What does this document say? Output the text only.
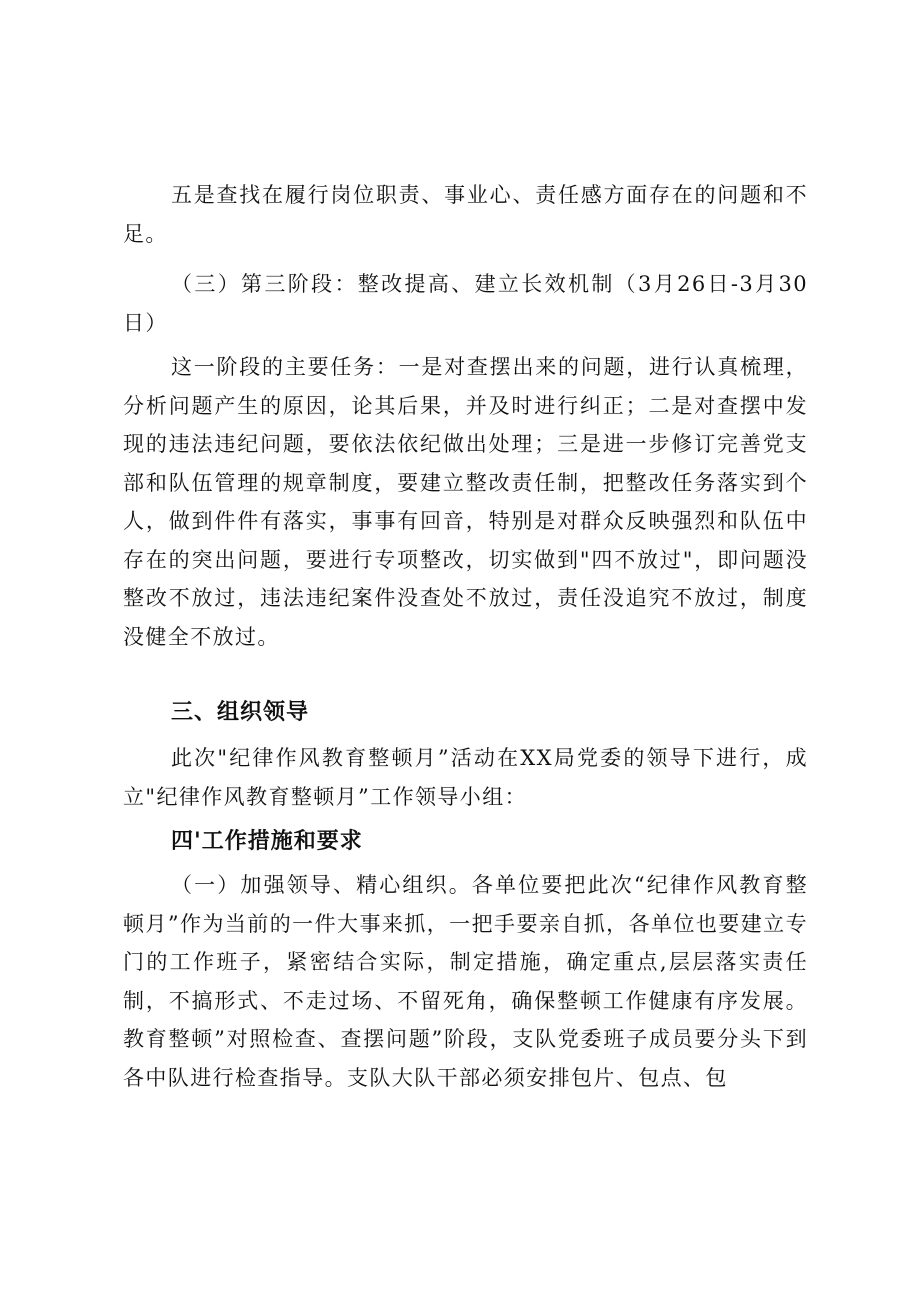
五是查找在履行岗位职责、事业心、责任感方面存在的问题和不足。

（三）第三阶段：整改提高、建立长效机制（3月26日-3月30日）

这一阶段的主要任务：一是对查摆出来的问题，进行认真梳理，分析问题产生的原因，论其后果，并及时进行纠正；二是对查摆中发现的违法违纪问题，要依法依纪做出处理；三是进一步修订完善党支部和队伍管理的规章制度，要建立整改责任制，把整改任务落实到个人，做到件件有落实，事事有回音，特别是对群众反映强烈和队伍中存在的突出问题，要进行专项整改，切实做到"四不放过"，即问题没整改不放过，违法违纪案件没查处不放过，责任没追究不放过，制度没健全不放过。

三、组织领导

此次"纪律作风教育整顿月”活动在XX局党委的领导下进行，成立"纪律作风教育整顿月”工作领导小组：

四'工作措施和要求

（一）加强领导、精心组织。各单位要把此次“纪律作风教育整顿月”作为当前的一件大事来抓，一把手要亲自抓，各单位也要建立专门的工作班子，紧密结合实际，制定措施，确定重点,层层落实责任制，不搞形式、不走过场、不留死角，确保整顿工作健康有序发展。教育整顿”对照检查、查摆问题”阶段，支队党委班子成员要分头下到各中队进行检查指导。支队大队干部必须安排包片、包点、包
